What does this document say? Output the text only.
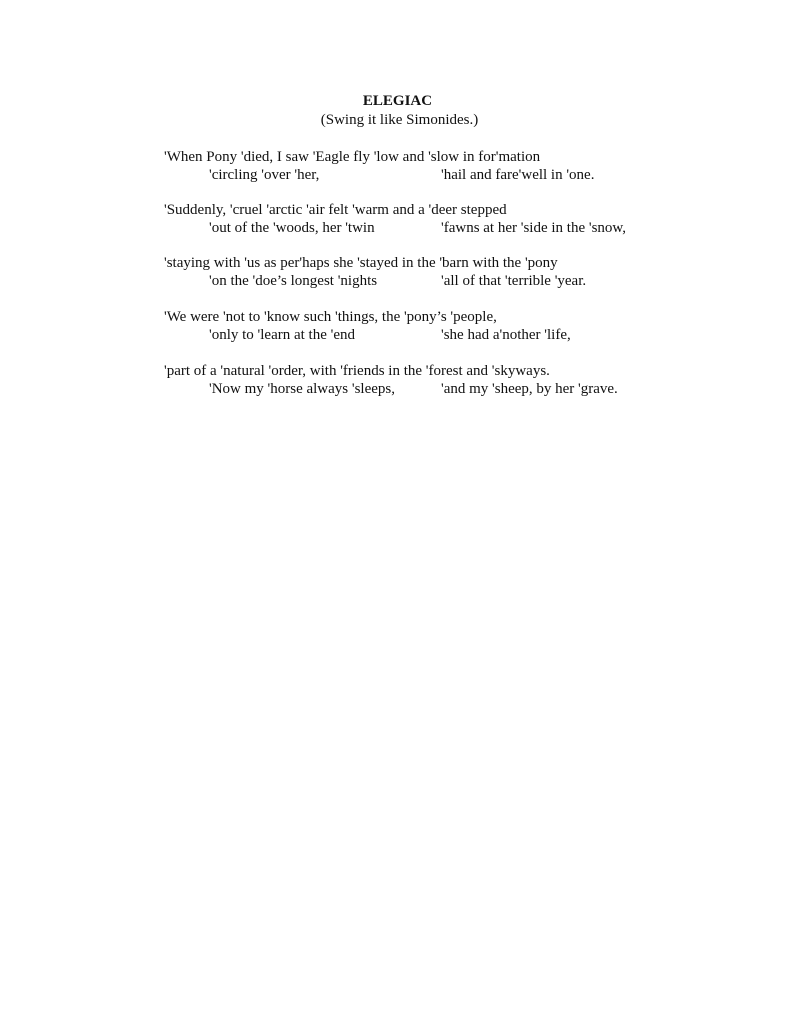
ELEGIAC
(Swing it like Simonides.)
'When Pony 'died, I saw 'Eagle fly 'low and 'slow in for'mation
'circling 'over 'her,	'hail and fare'well in 'one.
'Suddenly, 'cruel 'arctic 'air felt 'warm and a 'deer stepped
'out of the 'woods, her 'twin	'fawns at her 'side in the 'snow,
'staying with 'us as per'haps she 'stayed in the 'barn with the 'pony
'on the 'doe’s longest 'nights	'all of that 'terrible 'year.
'We were 'not to 'know such 'things, the 'pony’s 'people,
'only to 'learn at the 'end	'she had a'nother 'life,
'part of a 'natural 'order, with 'friends in the 'forest and 'skyways.
'Now my 'horse always 'sleeps,	'and my 'sheep, by her 'grave.
